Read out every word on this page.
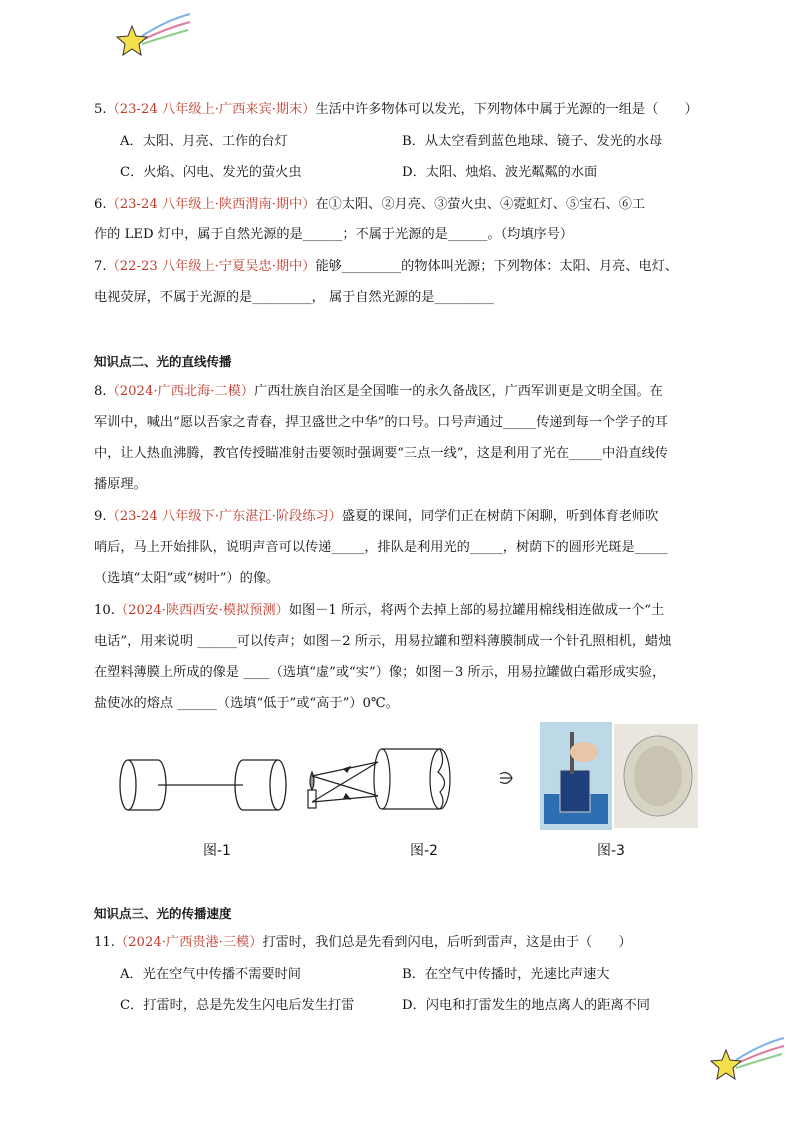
5.（23-24 八年级上·广西来宾·期末）生活中许多物体可以发光，下列物体中属于光源的一组是（　　）
A．太阳、月亮、工作的台灯	B．从太空看到蓝色地球、镜子、发光的水母
C．火焰、闪电、发光的萤火虫	D．太阳、烛焰、波光粼粼的水面
6.（23-24 八年级上·陕西渭南·期中）在①太阳、②月亮、③萤火虫、④霓虹灯、⑤宝石、⑥工
作的 LED 灯中，属于自然光源的是______；不属于光源的是______。（均填序号）
7.（22-23 八年级上·宁夏吴忠·期中）能够_________的物体叫光源；下列物体：太阳、月亮、电灯、
电视荧屏，不属于光源的是_________， 属于自然光源的是_________
知识点二、光的直线传播
8.（2024·广西北海·二模）广西壮族自治区是全国唯一的永久备战区，广西军训更是文明全国。在
军训中，喊出“愿以吾家之青春，捍卫盛世之中华”的口号。口号声通过_____传递到每一个学子的耳
中，让人热血沸腾，教官传授瞄准射击要领时强调要“三点一线”，这是利用了光在_____中沿直线传
播原理。
9.（23-24 八年级下·广东湛江·阶段练习）盛夏的课间，同学们正在树荫下闲聊，听到体育老师吹
哨后，马上开始排队，说明声音可以传递_____，排队是利用光的_____，树荫下的圆形光斑是_____
（选填“太阳”或“树叶”）的像。
10.（2024·陕西西安·模拟预测）如图－1 所示，将两个去掉上部的易拉罐用棉线相连做成一个“土
电话”，用来说明 ______可以传声；如图－2 所示，用易拉罐和塑料薄膜制成一个针孔照相机，蜡烛
在塑料薄膜上所成的像是 ____（选填“虚”或“实”）像；如图－3 所示，用易拉罐做白霜形成实验，
盐使冰的熔点 ______（选填“低于”或“高于”）0℃。
图-1	图-2	图-3
知识点三、光的传播速度
11.（2024·广西贵港·三模）打雷时，我们总是先看到闪电，后听到雷声，这是由于（　　）
A．光在空气中传播不需要时间	B．在空气中传播时，光速比声速大
C．打雷时，总是先发生闪电后发生打雷	D．闪电和打雷发生的地点离人的距离不同
